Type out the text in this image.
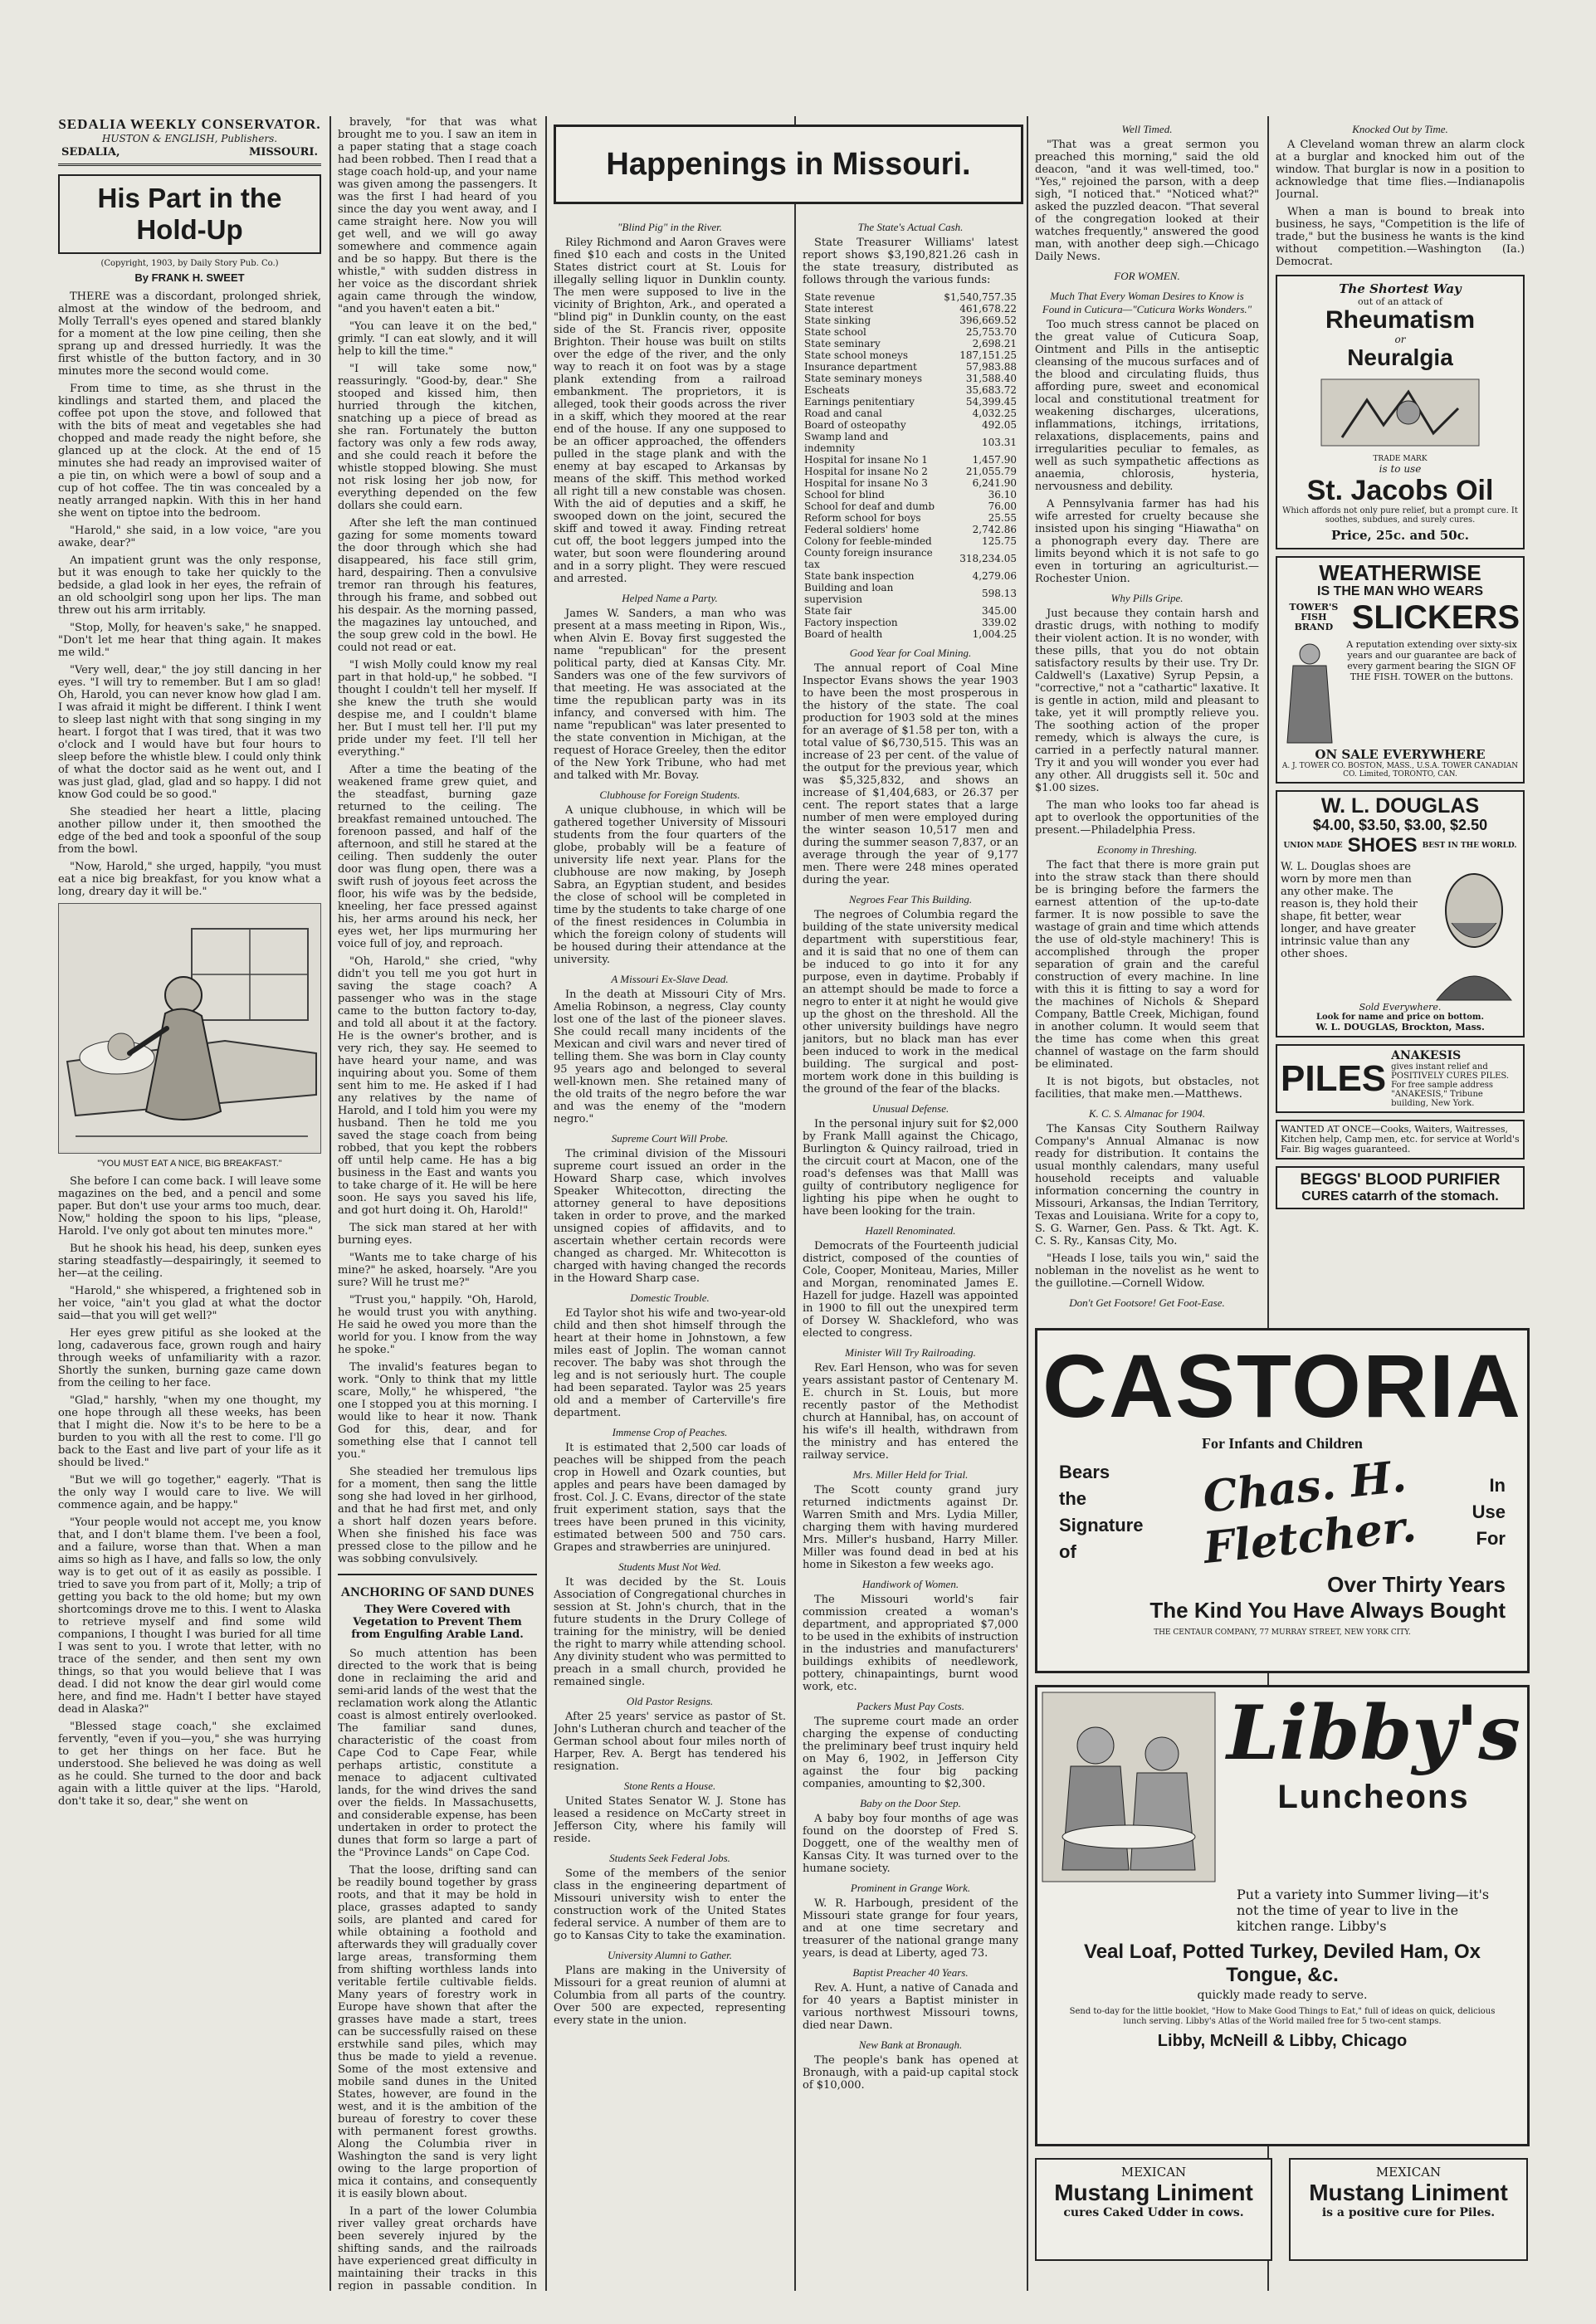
SEDALIA WEEKLY CONSERVATOR.
HUSTON & ENGLISH, Publishers.
SEDALIA,	MISSOURI.
His Part in the Hold-Up
(Copyright, 1903, by Daily Story Pub. Co.)
By FRANK H. SWEET

THERE was a discordant, prolonged shriek, almost at the window of the bedroom, and Molly Terrall's eyes opened and stared blankly for a moment at the low pine ceiling, then she sprang up and dressed hurriedly. It was the first whistle of the button factory, and in 30 minutes more the second would come.

From time to time, as she thrust in the kindlings and started them, and placed the coffee pot upon the stove, and followed that with the bits of meat and vegetables she had chopped and made ready the night before, she glanced up at the clock. At the end of 15 minutes she had ready an improvised waiter of a pie tin, on which were a bowl of soup and a cup of hot coffee. The tin was concealed by a neatly arranged napkin. With this in her hand she went on tiptoe into the bedroom.

"Harold," she said, in a low voice, "are you awake, dear?"

An impatient grunt was the only response, but it was enough to take her quickly to the bedside, a glad look in her eyes, the refrain of an old schoolgirl song upon her lips. The man threw out his arm irritably.

"Stop, Molly, for heaven's sake," he snapped. "Don't let me hear that thing again. It makes me wild."

"Very well, dear," the joy still dancing in her eyes. "I will try to remember. But I am so glad! Oh, Harold, you can never know how glad I am. I was afraid it might be different. I think I went to sleep last night with that song singing in my heart. I forgot that I was tired, that it was two o'clock and I would have but four hours to sleep before the whistle blew. I could only think of what the doctor said as he went out, and I was just glad, glad, glad and so happy. I did not know God could be so good."

She steadied her heart a little, placing another pillow under it, then smoothed the edge of the bed and took a spoonful of the soup from the bowl.

"Now, Harold," she urged, happily, "you must eat a nice big breakfast, for you know what a long, dreary day it will be."

"YOU MUST EAT A NICE, BIG BREAKFAST."

She before I can come back. I will leave some magazines on the bed, and a pencil and some paper. But don't use your arms too much, dear. Now," holding the spoon to his lips, "please, Harold. I've only got about ten minutes more."

But he shook his head, his deep, sunken eyes staring steadfastly—despairingly, it seemed to her—at the ceiling.

"Harold," she whispered, a frightened sob in her voice, "ain't you glad at what the doctor said—that you will get well?"

Her eyes grew pitiful as she looked at the long, cadaverous face, grown rough and hairy through weeks of unfamiliarity with a razor. Shortly the sunken, burning gaze came down from the ceiling to her face.

"Glad," harshly, "when my one thought, my one hope through all these weeks, has been that I might die. Now it's to be here to be a burden to you with all the rest to come. I'll go back to the East and live part of your life as it should be lived."

"But we will go together," eagerly. "That is the only way I would care to live. We will commence again, and be happy."

"Your people would not accept me, you know that, and I don't blame them. I've been a fool, and a failure, worse than that. When a man aims so high as I have, and falls so low, the only way is to get out of it as easily as possible. I tried to save you from part of it, Molly; a trip of getting you back to the old home; but my own shortcomings drove me to this. I went to Alaska to retrieve myself and find some wild companions, I thought I was buried for all time I was sent to you. I wrote that letter, with no trace of the sender, and then sent my own things, so that you would believe that I was dead. I did not know the dear girl would come here, and find me. Hadn't I better have stayed dead in Alaska?"

"Blessed stage coach," she exclaimed fervently, "even if you—you," she was hurrying to get her things on her face. But he understood. She believed he was doing as well as he could. She turned to the door and back again with a little quiver at the lips. "Harold, don't take it so, dear," she went on

bravely, "for that was what brought me to you. I saw an item in a paper stating that a stage coach had been robbed. Then I read that a stage coach hold-up, and your name was given among the passengers. It was the first I had heard of you since the day you went away, and I came straight here. Now you will get well, and we will go away somewhere and commence again and be so happy. But there is the whistle," with sudden distress in her voice as the discordant shriek again came through the window, "and you haven't eaten a bit."

"You can leave it on the bed," grimly. "I can eat slowly, and it will help to kill the time."

"I will take some now," reassuringly. "Good-by, dear." She stooped and kissed him, then hurried through the kitchen, snatching up a piece of bread as she ran. Fortunately the button factory was only a few rods away, and she could reach it before the whistle stopped blowing. She must not risk losing her job now, for everything depended on the few dollars she could earn.

After she left the man continued gazing for some moments toward the door through which she had disappeared, his face still grim, hard, despairing. Then a convulsive tremor ran through his features, through his frame, and sobbed out his despair. As the morning passed, the magazines lay untouched, and the soup grew cold in the bowl. He could not read or eat.

"I wish Molly could know my real part in that hold-up," he sobbed. "I thought I couldn't tell her myself. If she knew the truth she would despise me, and I couldn't blame her. But I must tell her. I'll put my pride under my feet. I'll tell her everything."

After a time the beating of the weakened frame grew quiet, and the steadfast, burning gaze returned to the ceiling. The breakfast remained untouched. The forenoon passed, and half of the afternoon, and still he stared at the ceiling. Then suddenly the outer door was flung open, there was a swift rush of joyous feet across the floor, his wife was by the bedside, kneeling, her face pressed against his, her arms around his neck, her eyes wet, her lips murmuring her voice full of joy, and reproach.

"Oh, Harold," she cried, "why didn't you tell me you got hurt in saving the stage coach? A passenger who was in the stage came to the button factory to-day, and told all about it at the factory. He is the owner's brother, and is very rich, they say. He seemed to have heard your name, and was inquiring about you. Some of them sent him to me. He asked if I had any relatives by the name of Harold, and I told him you were my husband. Then he told me you saved the stage coach from being robbed, that you kept the robbers off until help came. He has a big business in the East and wants you to take charge of it. He will be here soon. He says you saved his life, and got hurt doing it. Oh, Harold!"

The sick man stared at her with burning eyes.

"Wants me to take charge of his mine?" he asked, hoarsely. "Are you sure? Will he trust me?"

"Trust you," happily. "Oh, Harold, he would trust you with anything. He said he owed you more than the world for you. I know from the way he spoke."

The invalid's features began to work. "Only to think that my little scare, Molly," he whispered, "the one I stopped you at this morning. I would like to hear it now. Thank God for this, dear, and for something else that I cannot tell you."

She steadied her tremulous lips for a moment, then sang the little song she had loved in her girlhood, and that he had first met, and only a short half dozen years before. When she finished his face was pressed close to the pillow and he was sobbing convulsively.

ANCHORING OF SAND DUNES
They Were Covered with Vegetation to Prevent Them from Engulfing Arable Land.

So much attention has been directed to the work that is being done in reclaiming the arid and semi-arid lands of the west that the reclamation work along the Atlantic coast is almost entirely overlooked. The familiar sand dunes, characteristic of the coast from Cape Cod to Cape Fear, while perhaps artistic, constitute a menace to adjacent cultivated lands, for the wind drives the sand over the fields. In Massachusetts, and considerable expense, has been undertaken in order to protect the dunes that form so large a part of the "Province Lands" on Cape Cod.

That the loose, drifting sand can be readily bound together by grass roots, and that it may be hold in place, grasses adapted to sandy soils, are planted and cared for while obtaining a foothold and afterwards they will gradually cover large areas, transforming them from shifting worthless lands into veritable fertile cultivable fields. Many years of forestry work in Europe have shown that after the grasses have made a start, trees can be successfully raised on these erstwhile sand piles, which may thus be made to yield a revenue. Some of the most extensive and mobile sand dunes in the United States, however, are found in the west, and it is the ambition of the bureau of forestry to cover these with permanent forest growths. Along the Columbia river in Washington the sand is very light owing to the large proportion of mica it contains, and consequently it is easily blown about.

In a part of the lower Columbia river valley great orchards have been severely injured by the shifting sands, and the railroads have experienced great difficulty in maintaining their tracks in this region in passable condition. In

Happenings in Missouri.
"Blind Pig" in the River.

Riley Richmond and Aaron Graves were fined $10 each and costs in the United States district court at St. Louis for illegally selling liquor in Dunklin county. The men were supposed to live in the vicinity of Brighton, Ark., and operated a "blind pig" in Dunklin county, on the east side of the St. Francis river, opposite Brighton. Their house was built on stilts over the edge of the river, and the only way to reach it on foot was by a stage plank extending from a railroad embankment. The proprietors, it is alleged, took their goods across the river in a skiff, which they moored at the rear end of the house. If any one supposed to be an officer approached, the offenders pulled in the stage plank and with the enemy at bay escaped to Arkansas by means of the skiff. This method worked all right till a new constable was chosen. With the aid of deputies and a skiff, he swooped down on the joint, secured the skiff and towed it away. Finding retreat cut off, the boot leggers jumped into the water, but soon were floundering around and in a sorry plight. They were rescued and arrested.

Helped Name a Party.

James W. Sanders, a man who was present at a mass meeting in Ripon, Wis., when Alvin E. Bovay first suggested the name "republican" for the present political party, died at Kansas City. Mr. Sanders was one of the few survivors of that meeting. He was associated at the time the republican party was in its infancy, and conversed with him. The name "republican" was later presented to the state convention in Michigan, at the request of Horace Greeley, then the editor of the New York Tribune, who had met and talked with Mr. Bovay.

Clubhouse for Foreign Students.

A unique clubhouse, in which will be gathered together University of Missouri students from the four quarters of the globe, probably will be a feature of university life next year. Plans for the clubhouse are now making, by Joseph Sabra, an Egyptian student, and besides the close of school will be completed in time by the students to take charge of one of the finest residences in Columbia in which the foreign colony of students will be housed during their attendance at the university.

A Missouri Ex-Slave Dead.

In the death at Missouri City of Mrs. Amelia Robinson, a negress, Clay county lost one of the last of the pioneer slaves. She could recall many incidents of the Mexican and civil wars and never tired of telling them. She was born in Clay county 95 years ago and belonged to several well-known men. She retained many of the old traits of the negro before the war and was the enemy of the "modern negro."

Supreme Court Will Probe.

The criminal division of the Missouri supreme court issued an order in the Howard Sharp case, which involves Speaker Whitecotton, directing the attorney general to have depositions taken in order to prove, and the marked unsigned copies of affidavits, and to ascertain whether certain records were changed as charged. Mr. Whitecotton is charged with having changed the records in the Howard Sharp case.

Domestic Trouble.

Ed Taylor shot his wife and two-year-old child and then shot himself through the heart at their home in Johnstown, a few miles east of Joplin. The woman cannot recover. The baby was shot through the leg and is not seriously hurt. The couple had been separated. Taylor was 25 years old and a member of Carterville's fire department.

Immense Crop of Peaches.

It is estimated that 2,500 car loads of peaches will be shipped from the peach crop in Howell and Ozark counties, but apples and pears have been damaged by frost. Col. J. C. Evans, director of the state fruit experiment station, says that the trees have been pruned in this vicinity, estimated between 500 and 750 cars. Grapes and strawberries are uninjured.

Students Must Not Wed.

It was decided by the St. Louis Association of Congregational churches in session at St. John's church, that in the future students in the Drury College of training for the ministry, will be denied the right to marry while attending school. Any divinity student who was permitted to preach in a small church, provided he remained single.

Old Pastor Resigns.

After 25 years' service as pastor of St. John's Lutheran church and teacher of the German school about four miles north of Harper, Rev. A. Bergt has tendered his resignation.

Stone Rents a House.

United States Senator W. J. Stone has leased a residence on McCarty street in Jefferson City, where his family will reside.

Students Seek Federal Jobs.

Some of the members of the senior class in the engineering department of Missouri university wish to enter the construction work of the United States federal service. A number of them are to go to Kansas City to take the examination.

University Alumni to Gather.

Plans are making in the University of Missouri for a great reunion of alumni at Columbia from all parts of the country. Over 500 are expected, representing every state in the union.

The State's Actual Cash.

State Treasurer Williams' latest report shows $3,190,821.26 cash in the state treasury, distributed as follows through the various funds:

State revenue	$1,540,757.35
State interest	461,678.22
State sinking	396,669.52
State school	25,753.70
State seminary	2,698.21
State school moneys	187,151.25
Insurance department	57,983.88
State seminary moneys	31,588.40
Escheats	35,683.72
Earnings penitentiary	54,399.45
Road and canal	4,032.25
Board of osteopathy	492.05
Swamp land and indemnity	103.31
Hospital for insane No 1	1,457.90
Hospital for insane No 2	21,055.79
Hospital for insane No 3	6,241.90
School for blind	36.10
School for deaf and dumb	76.00
Reform school for boys	25.55
Federal soldiers' home	2,742.86
Colony for feeble-minded	125.75
County foreign insurance tax	318,234.05
State bank inspection	4,279.06
Building and loan supervision	598.13
State fair	345.00
Factory inspection	339.02
Board of health	1,004.25
Good Year for Coal Mining.

The annual report of Coal Mine Inspector Evans shows the year 1903 to have been the most prosperous in the history of the state. The coal production for 1903 sold at the mines for an average of $1.58 per ton, with a total value of $6,730,515. This was an increase of 23 per cent. of the value of the output for the previous year, which was $5,325,832, and shows an increase of $1,404,683, or 26.37 per cent. The report states that a large number of men were employed during the winter season 10,517 men and during the summer season 7,837, or an average through the year of 9,177 men. There were 248 mines operated during the year.

Negroes Fear This Building.

The negroes of Columbia regard the building of the state university medical department with superstitious fear, and it is said that no one of them can be induced to go into it for any purpose, even in daytime. Probably if an attempt should be made to force a negro to enter it at night he would give up the ghost on the threshold. All the other university buildings have negro janitors, but no black man has ever been induced to work in the medical building. The surgical and post-mortem work done in this building is the ground of the fear of the blacks.

Unusual Defense.

In the personal injury suit for $2,000 by Frank Malll against the Chicago, Burlington & Quincy railroad, tried in the circuit court at Macon, one of the road's defenses was that Malll was guilty of contributory negligence for lighting his pipe when he ought to have been looking for the train.

Hazell Renominated.

Democrats of the Fourteenth judicial district, composed of the counties of Cole, Cooper, Moniteau, Maries, Miller and Morgan, renominated James E. Hazell for judge. Hazell was appointed in 1900 to fill out the unexpired term of Dorsey W. Shackleford, who was elected to congress.

Minister Will Try Railroading.

Rev. Earl Henson, who was for seven years assistant pastor of Centenary M. E. church in St. Louis, but more recently pastor of the Methodist church at Hannibal, has, on account of his wife's ill health, withdrawn from the ministry and has entered the railway service.

Mrs. Miller Held for Trial.

The Scott county grand jury returned indictments against Dr. Warren Smith and Mrs. Lydia Miller, charging them with having murdered Mrs. Miller's husband, Harry Miller. Miller was found dead in bed at his home in Sikeston a few weeks ago.

Handiwork of Women.

The Missouri world's fair commission created a woman's department, and appropriated $7,000 to be used in the exhibits of instruction in the industries and manufacturers' buildings exhibits of needlework, pottery, chinapaintings, burnt wood work, etc.

Packers Must Pay Costs.

The supreme court made an order charging the expense of conducting the preliminary beef trust inquiry held on May 6, 1902, in Jefferson City against the four big packing companies, amounting to $2,300.

Baby on the Door Step.

A baby boy four months of age was found on the doorstep of Fred S. Doggett, one of the wealthy men of Kansas City. It was turned over to the humane society.

Prominent in Grange Work.

W. R. Harbough, president of the Missouri state grange for four years, and at one time secretary and treasurer of the national grange many years, is dead at Liberty, aged 73.

Baptist Preacher 40 Years.

Rev. A. Hunt, a native of Canada and for 40 years a Baptist minister in various northwest Missouri towns, died near Dawn.

New Bank at Bronaugh.

The people's bank has opened at Bronaugh, with a paid-up capital stock of $10,000.

Well Timed.

"That was a great sermon you preached this morning," said the old deacon, "and it was well-timed, too." "Yes," rejoined the parson, with a deep sigh, "I noticed that." "Noticed what?" asked the puzzled deacon. "That several of the congregation looked at their watches frequently," answered the good man, with another deep sigh.—Chicago Daily News.

FOR WOMEN.
Much That Every Woman Desires to Know is Found in Cuticura—"Cuticura Works Wonders."

Too much stress cannot be placed on the great value of Cuticura Soap, Ointment and Pills in the antiseptic cleansing of the mucous surfaces and of the blood and circulating fluids, thus affording pure, sweet and economical local and constitutional treatment for weakening discharges, ulcerations, inflammations, itchings, irritations, relaxations, displacements, pains and irregularities peculiar to females, as well as such sympathetic affections as anaemia, chlorosis, hysteria, nervousness and debility.

A Pennsylvania farmer has had his wife arrested for cruelty because she insisted upon his singing "Hiawatha" on a phonograph every day. There are limits beyond which it is not safe to go even in torturing an agriculturist.—Rochester Union.

Why Pills Gripe.

Just because they contain harsh and drastic drugs, with nothing to modify their violent action. It is no wonder, with these pills, that you do not obtain satisfactory results by their use. Try Dr. Caldwell's (Laxative) Syrup Pepsin, a "corrective," not a "cathartic" laxative. It is gentle in action, mild and pleasant to take, yet it will promptly relieve you. The soothing action of the proper remedy, which is always the cure, is carried in a perfectly natural manner. Try it and you will wonder you ever had any other. All druggists sell it. 50c and $1.00 sizes.

The man who looks too far ahead is apt to overlook the opportunities of the present.—Philadelphia Press.

Economy in Threshing.

The fact that there is more grain put into the straw stack than there should be is bringing before the farmers the earnest attention of the up-to-date farmer. It is now possible to save the wastage of grain and time which attends the use of old-style machinery! This is accomplished through the proper separation of grain and the careful construction of every machine. In line with this it is fitting to say a word for the machines of Nichols & Shepard Company, Battle Creek, Michigan, found in another column. It would seem that the time has come when this great channel of wastage on the farm should be eliminated.

It is not bigots, but obstacles, not facilities, that make men.—Matthews.

K. C. S. Almanac for 1904.

The Kansas City Southern Railway Company's Annual Almanac is now ready for distribution. It contains the usual monthly calendars, many useful household receipts and valuable information concerning the country in Missouri, Arkansas, the Indian Territory, Texas and Louisiana. Write for a copy to, S. G. Warner, Gen. Pass. & Tkt. Agt. K. C. S. Ry., Kansas City, Mo.

"Heads I lose, tails you win," said the nobleman in the novelist as he went to the guillotine.—Cornell Widow.

Don't Get Footsore! Get Foot-Ease.

Knocked Out by Time.

A Cleveland woman threw an alarm clock at a burglar and knocked him out of the window. That burglar is now in a position to acknowledge that time flies.—Indianapolis Journal.

When a man is bound to break into business, he says, "Competition is the life of trade," but the business he wants is the kind without competition.—Washington (Ia.) Democrat.

The Shortest Way
out of an attack of
Rheumatism
or
Neuralgia
TRADE MARK
is to use
St. Jacobs Oil
Which affords not only pure relief, but a prompt cure. It soothes, subdues, and surely cures.
Price, 25c. and 50c.
WEATHERWISE
IS THE MAN WHO WEARS
TOWER'S
FISH BRAND SLICKERS
A reputation extending over sixty-six years and our guarantee are back of every garment bearing the SIGN OF THE FISH. TOWER on the buttons.
ON SALE EVERYWHERE
A. J. TOWER CO. BOSTON, MASS., U.S.A. TOWER CANADIAN CO. Limited, TORONTO, CAN.
W. L. DOUGLAS
$4.00, $3.50, $3.00, $2.50
UNION MADE SHOES BEST IN THE WORLD.
W. L. Douglas shoes are worn by more men than any other make. The reason is, they hold their shape, fit better, wear longer, and have greater intrinsic value than any other shoes.
Sold Everywhere.
Look for name and price on bottom.
W. L. DOUGLAS, Brockton, Mass.
PILES
ANAKESIS
gives instant relief and POSITIVELY CURES PILES. For free sample address "ANAKESIS," Tribune building, New York.
WANTED AT ONCE—Cooks, Waiters, Waitresses, Kitchen help, Camp men, etc. for service at World's Fair. Big wages guaranteed.
BEGGS' BLOOD PURIFIER
CURES catarrh of the stomach.
CASTORIA
For Infants and Children
Bears
the
Signature
of
Chas. H. Fletcher.
In
Use
For
Over Thirty Years
The Kind You Have Always Bought
THE CENTAUR COMPANY, 77 MURRAY STREET, NEW YORK CITY.
Libby's
Luncheons
Put a variety into Summer living—it's not the time of year to live in the kitchen range. Libby's
Veal Loaf, Potted Turkey, Deviled Ham, Ox Tongue, &c.
quickly made ready to serve.
Send to-day for the little booklet, "How to Make Good Things to Eat," full of ideas on quick, delicious lunch serving. Libby's Atlas of the World mailed free for 5 two-cent stamps.
Libby, McNeill & Libby, Chicago
MEXICAN
Mustang Liniment
cures Caked Udder in cows.
MEXICAN
Mustang Liniment
is a positive cure for Piles.
